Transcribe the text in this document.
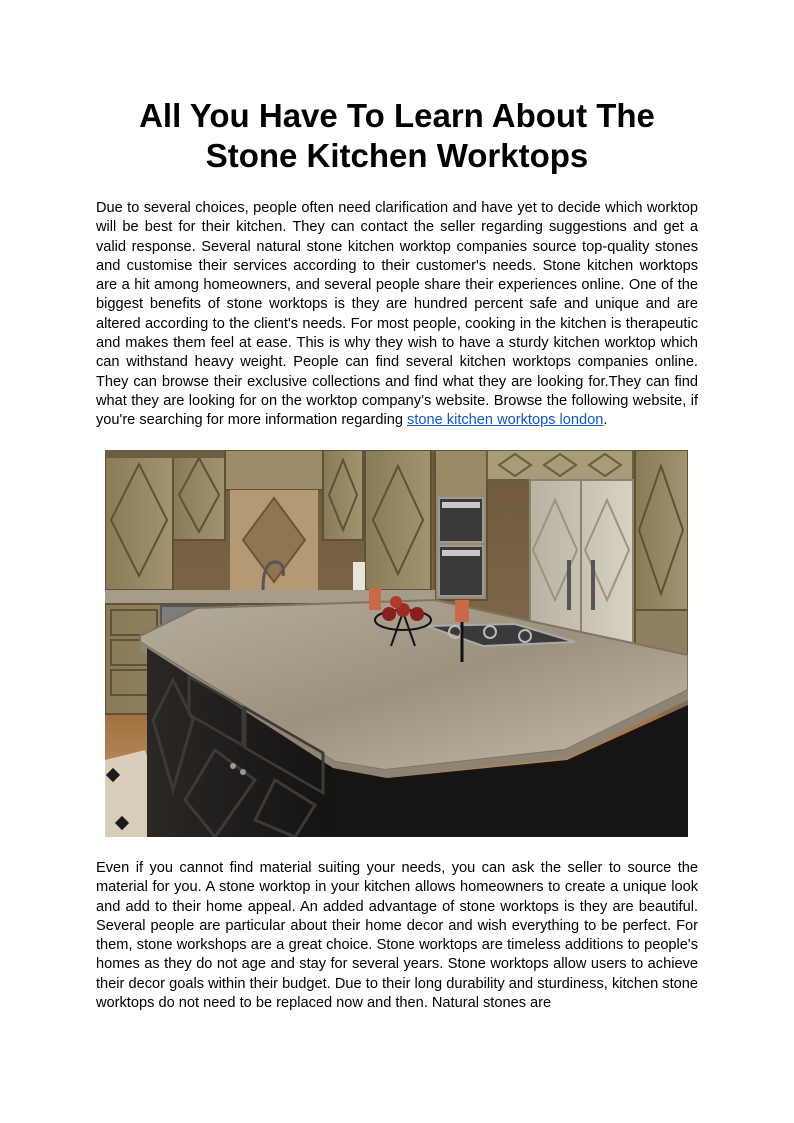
All You Have To Learn About The Stone Kitchen Worktops

Due to several choices, people often need clarification and have yet to decide which worktop will be best for their kitchen. They can contact the seller regarding suggestions and get a valid response. Several natural stone kitchen worktop companies source top-quality stones and customise their services according to their customer's needs. Stone kitchen worktops are a hit among homeowners, and several people share their experiences online. One of the biggest benefits of stone worktops is they are hundred percent safe and unique and are altered according to the client's needs. For most people, cooking in the kitchen is therapeutic and makes them feel at ease. This is why they wish to have a sturdy kitchen worktop which can withstand heavy weight. People can find several kitchen worktops companies online. They can browse their exclusive collections and find what they are looking for.They can find what they are looking for on the worktop company’s website. Browse the following website, if you're searching for more information regarding stone kitchen worktops london.

Even if you cannot find material suiting your needs, you can ask the seller to source the material for you. A stone worktop in your kitchen allows homeowners to create a unique look and add to their home appeal. An added advantage of stone worktops is they are beautiful. Several people are particular about their home decor and wish everything to be perfect. For them, stone workshops are a great choice. Stone worktops are timeless additions to people's homes as they do not age and stay for several years. Stone worktops allow users to achieve their decor goals within their budget. Due to their long durability and sturdiness, kitchen stone worktops do not need to be replaced now and then. Natural stones are
